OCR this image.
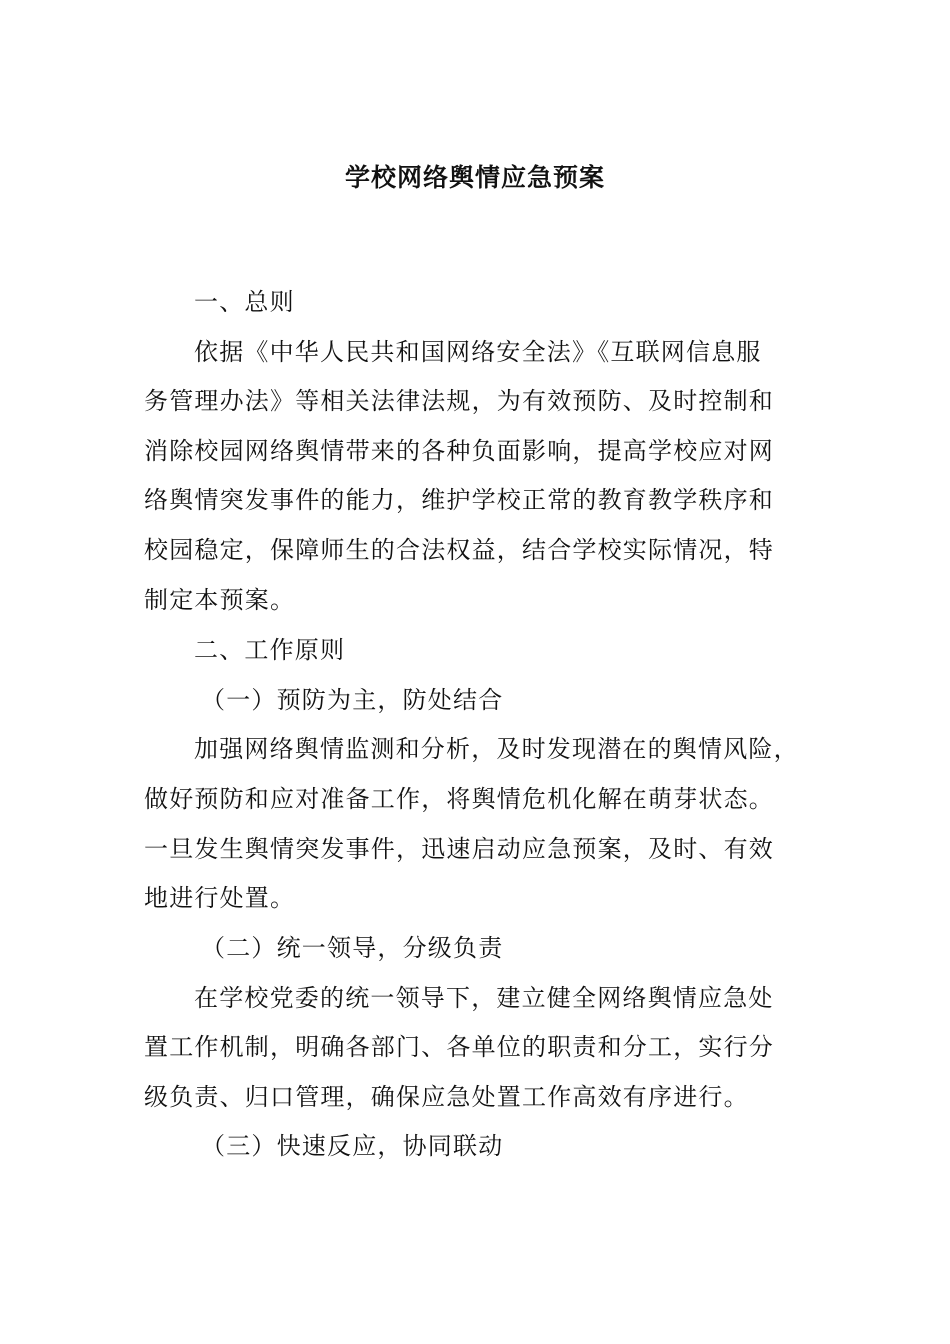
学校网络舆情应急预案
一、总则
依据《中华人民共和国网络安全法》《互联网信息服
务管理办法》等相关法律法规，为有效预防、及时控制和
消除校园网络舆情带来的各种负面影响，提高学校应对网
络舆情突发事件的能力，维护学校正常的教育教学秩序和
校园稳定，保障师生的合法权益，结合学校实际情况，特
制定本预案。
二、工作原则
（一）预防为主，防处结合
加强网络舆情监测和分析，及时发现潜在的舆情风险，
做好预防和应对准备工作，将舆情危机化解在萌芽状态。
一旦发生舆情突发事件，迅速启动应急预案，及时、有效
地进行处置。
（二）统一领导，分级负责
在学校党委的统一领导下，建立健全网络舆情应急处
置工作机制，明确各部门、各单位的职责和分工，实行分
级负责、归口管理，确保应急处置工作高效有序进行。
（三）快速反应，协同联动
